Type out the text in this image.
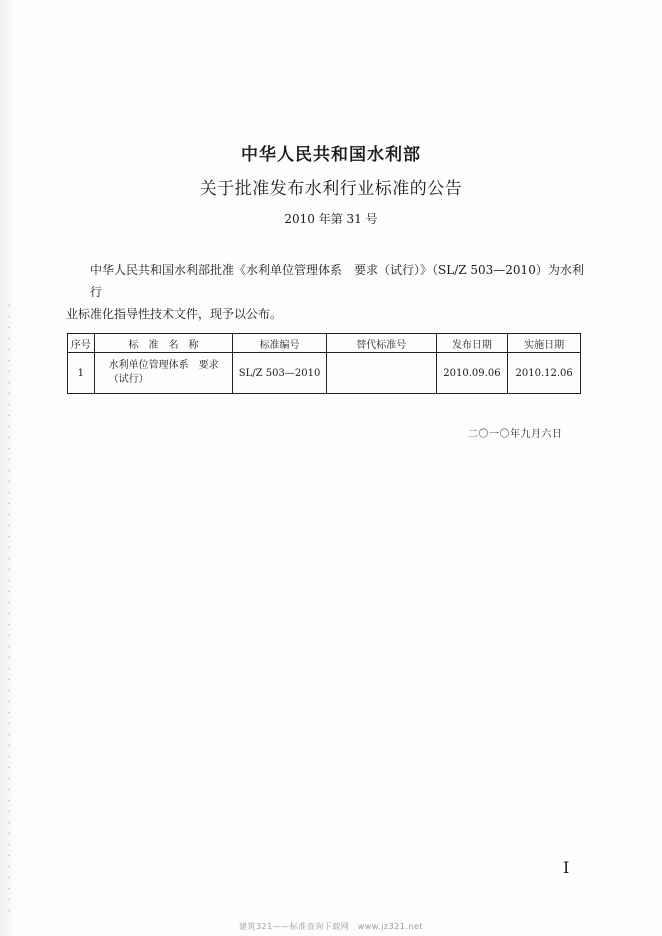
中华人民共和国水利部
关于批准发布水利行业标准的公告
2010 年第 31 号
中华人民共和国水利部批准《水利单位管理体系　要求（试行）》（SL/Z 503—2010）为水利行
业标准化指导性技术文件，现予以公布。
序号	标　准　名　称	标准编号	替代标准号	发布日期	实施日期
1	水利单位管理体系　要求
（试行）	SL/Z 503—2010		2010.09.06	2010.12.06
二〇一〇年九月六日
I
建筑321——标准查询下载网　www.jz321.net
